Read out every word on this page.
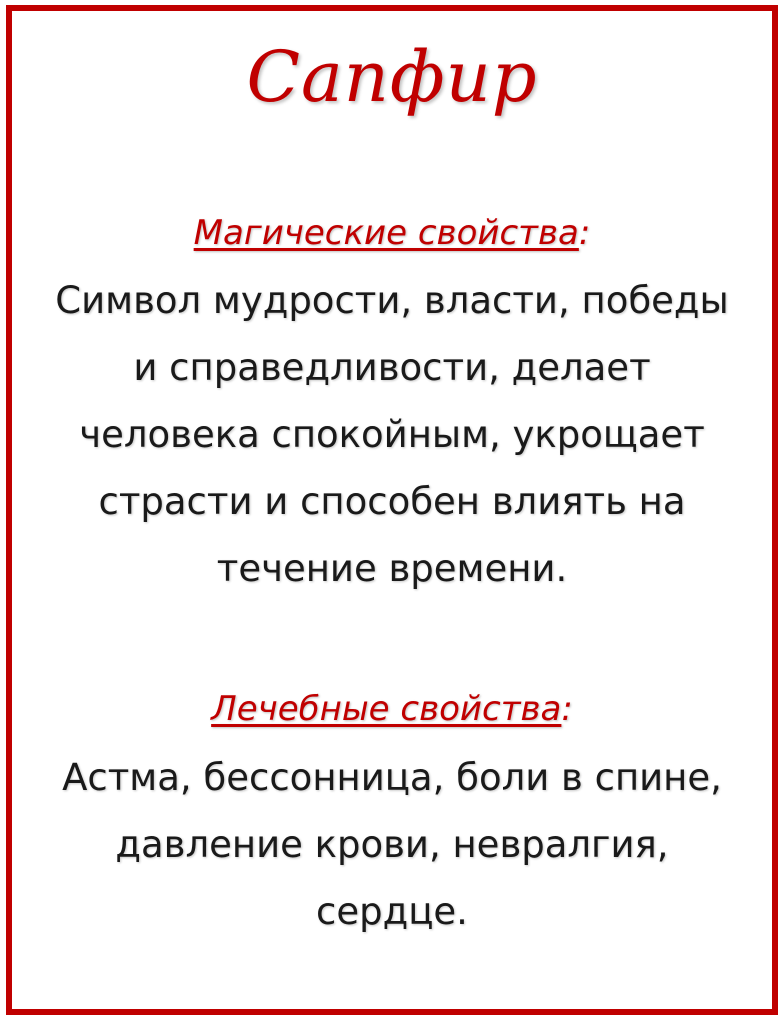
Сапфир
Магические свойства:
Символ мудрости, власти, победы
и справедливости, делает
человека спокойным, укрощает
страсти и способен влиять на
течение времени.
Лечебные свойства:
Астма, бессонница, боли в спине,
давление крови, невралгия,
сердце.
